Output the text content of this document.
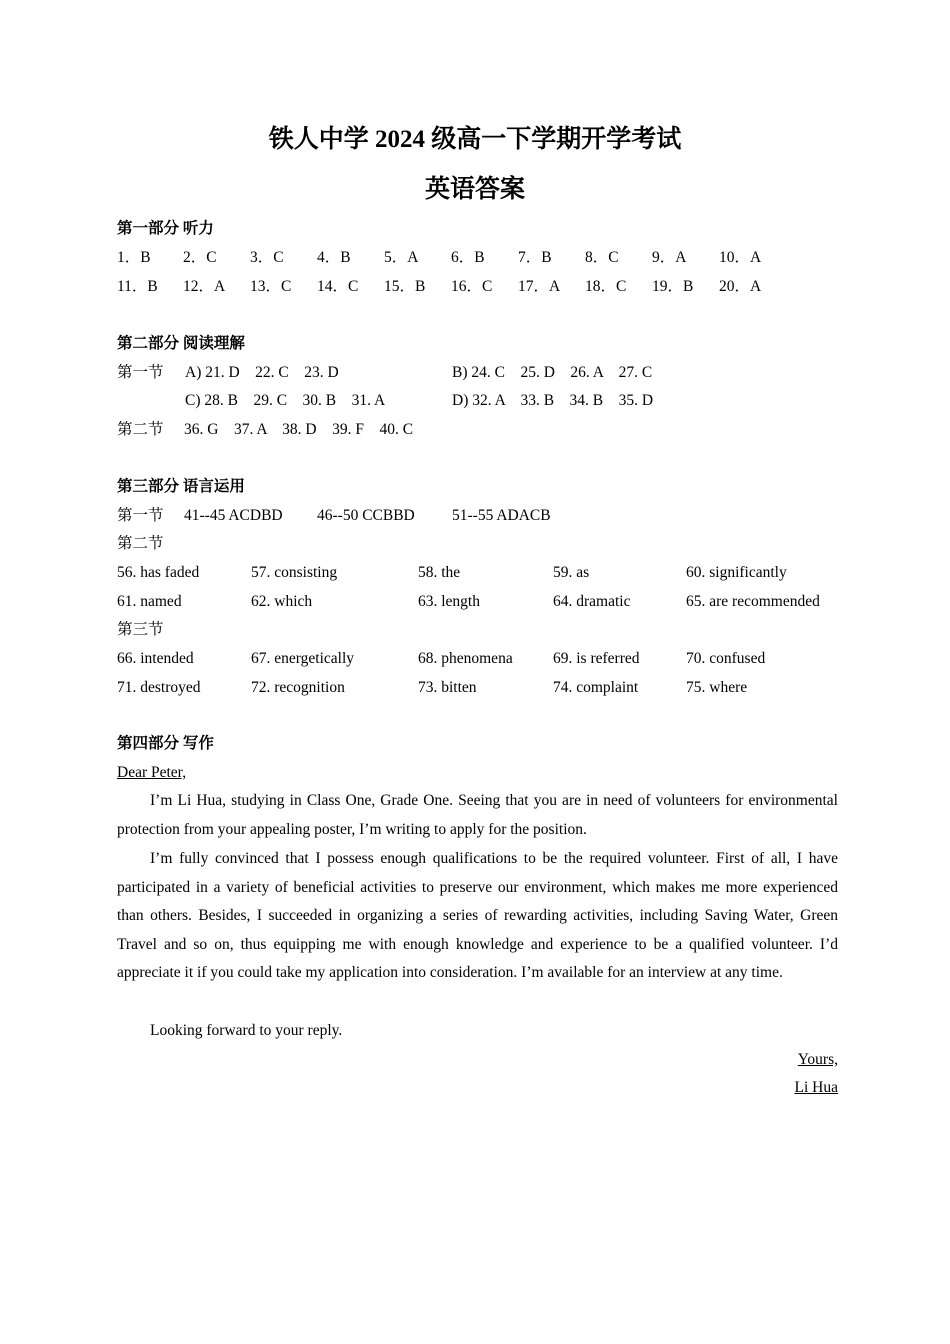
铁人中学 2024 级高一下学期开学考试
英语答案
第一部分 听力
1．B 2．C 3．C 4．B 5．A 6．B 7．B 8．C 9．A 10．A
11．B 12．A 13．C 14．C 15．B 16．C 17．A 18．C 19．B 20．A
第二部分 阅读理解
第一节 A) 21. D    22. C    23. D	B) 24. C    25. D    26. A    27. C
C) 28. B    29. C    30. B    31. A	D) 32. A    33. B    34. B    35. D
第二节 36. G    37. A    38. D    39. F    40. C
第三部分 语言运用
第一节 41--45 ACDBD 46--50 CCBBD 51--55 ADACB
第二节
56. has faded	57. consisting	58. the	59. as	60. significantly
61. named	62. which	63. length	64. dramatic	65. are recommended
第三节
66. intended	67. energetically	68. phenomena	69. is referred	70. confused
71. destroyed	72. recognition	73. bitten	74. complaint	75. where
第四部分 写作
Dear Peter,
I’m Li Hua, studying in Class One, Grade One. Seeing that you are in need of volunteers for environmental protection from your appealing poster, I’m writing to apply for the position.
I’m fully convinced that I possess enough qualifications to be the required volunteer. First of all, I have participated in a variety of beneficial activities to preserve our environment, which makes me more experienced than others. Besides, I succeeded in organizing a series of rewarding activities, including Saving Water, Green Travel and so on, thus equipping me with enough knowledge and experience to be a qualified volunteer. I’d appreciate it if you could take my application into consideration. I’m available for an interview at any time.
Looking forward to your reply.
Yours,
Li Hua
